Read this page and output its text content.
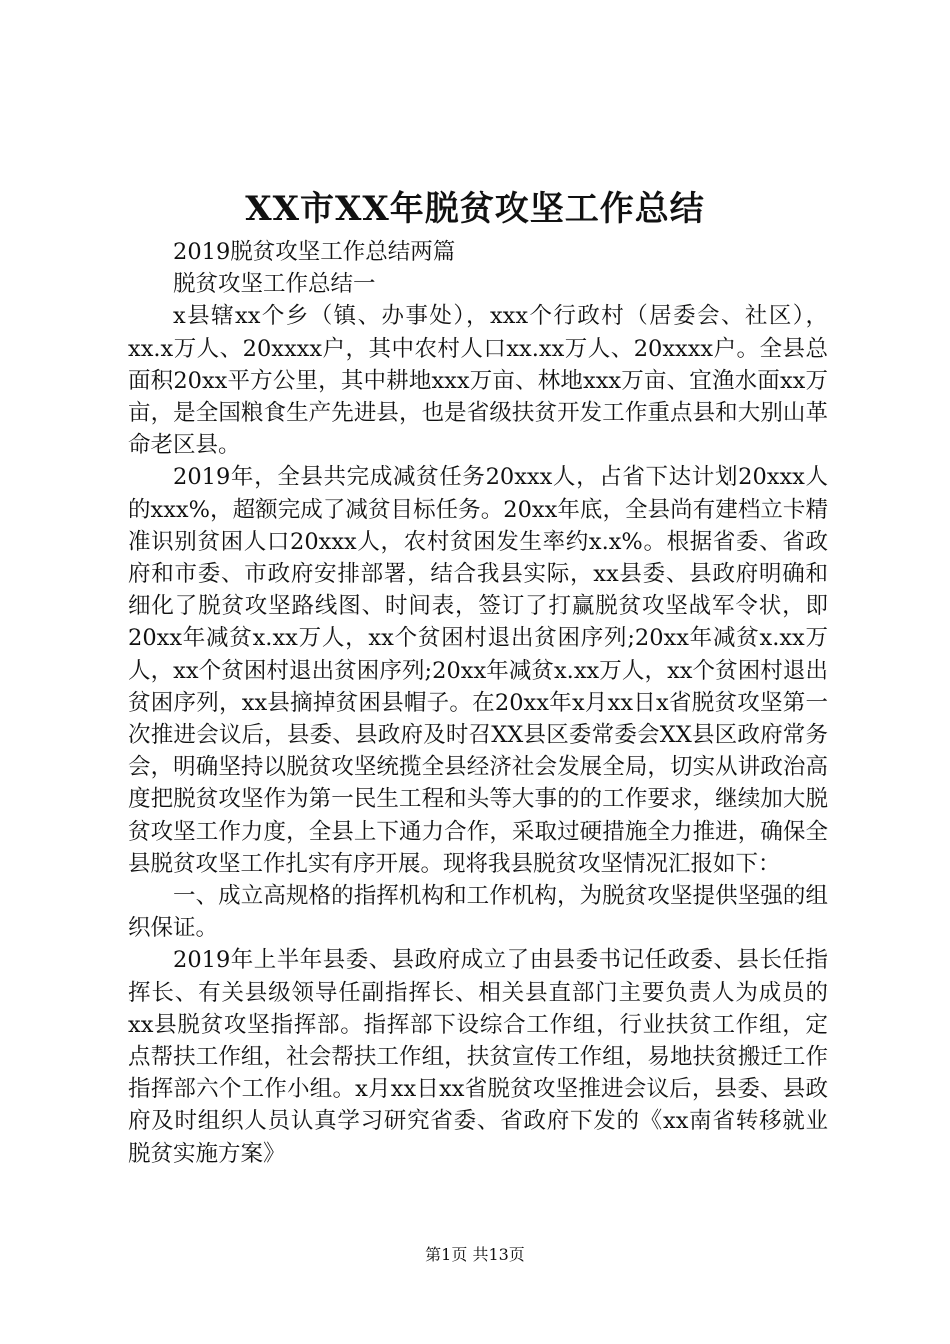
XX市XX年脱贫攻坚工作总结

2019脱贫攻坚工作总结两篇

脱贫攻坚工作总结一

x县辖xx个乡（镇、办事处），xxx个行政村（居委会、社区），xx.x万人、20xxxx户，其中农村人口xx.xx万人、20xxxx户。全县总面积20xx平方公里，其中耕地xxx万亩、林地xxx万亩、宜渔水面xx万亩，是全国粮食生产先进县，也是省级扶贫开发工作重点县和大别山革命老区县。

2019年，全县共完成减贫任务20xxx人，占省下达计划20xxx人的xxx%，超额完成了减贫目标任务。20xx年底，全县尚有建档立卡精准识别贫困人口20xxx人，农村贫困发生率约x.x%。根据省委、省政府和市委、市政府安排部署，结合我县实际，xx县委、县政府明确和细化了脱贫攻坚路线图、时间表，签订了打赢脱贫攻坚战军令状，即20xx年减贫x.xx万人，xx个贫困村退出贫困序列;20xx年减贫x.xx万人，xx个贫困村退出贫困序列;20xx年减贫x.xx万人，xx个贫困村退出贫困序列，xx县摘掉贫困县帽子。在20xx年x月xx日x省脱贫攻坚第一次推进会议后，县委、县政府及时召XX县区委常委会XX县区政府常务会，明确坚持以脱贫攻坚统揽全县经济社会发展全局，切实从讲政治高度把脱贫攻坚作为第一民生工程和头等大事的的工作要求，继续加大脱贫攻坚工作力度，全县上下通力合作，采取过硬措施全力推进，确保全县脱贫攻坚工作扎实有序开展。现将我县脱贫攻坚情况汇报如下：

一、成立高规格的指挥机构和工作机构，为脱贫攻坚提供坚强的组织保证。

2019年上半年县委、县政府成立了由县委书记任政委、县长任指挥长、有关县级领导任副指挥长、相关县直部门主要负责人为成员的xx县脱贫攻坚指挥部。指挥部下设综合工作组，行业扶贫工作组，定点帮扶工作组，社会帮扶工作组，扶贫宣传工作组，易地扶贫搬迁工作指挥部六个工作小组。x月xx日xx省脱贫攻坚推进会议后，县委、县政府及时组织人员认真学习研究省委、省政府下发的《xx南省转移就业脱贫实施方案》

第1页 共13页
